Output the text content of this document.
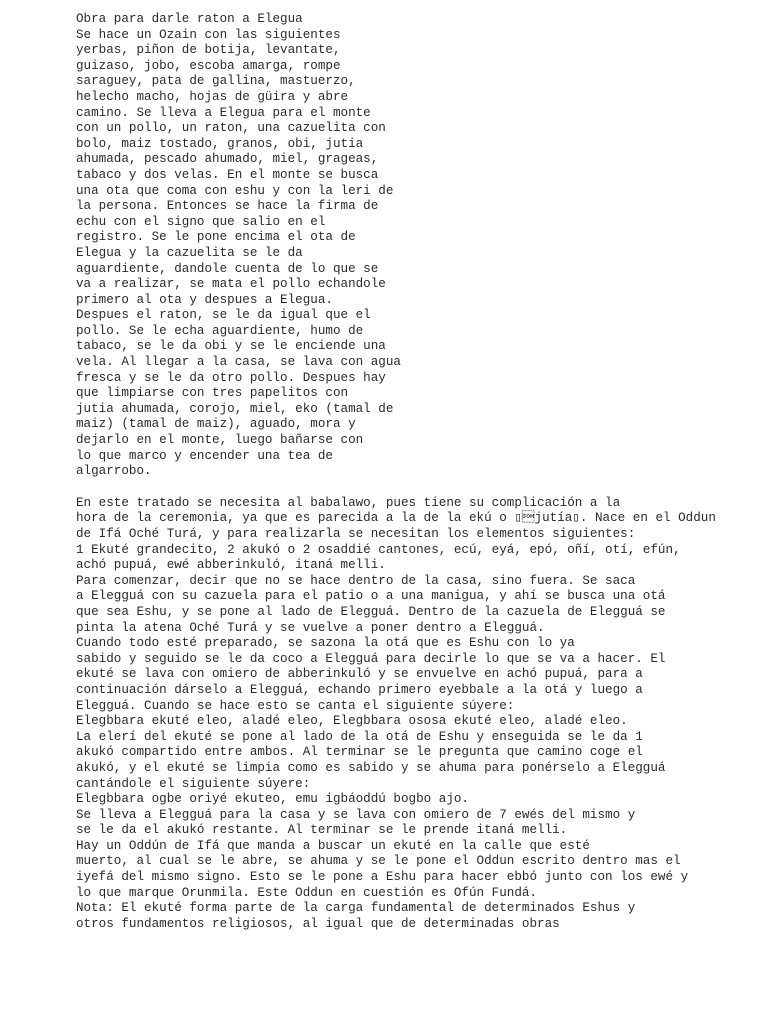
Obra para darle raton a Elegua
Se hace un Ozain con las siguientes
yerbas, piñon de botija, levantate,
guizaso, jobo, escoba amarga, rompe
saraguey, pata de gallina, mastuerzo,
helecho macho, hojas de güira y abre
camino. Se lleva a Elegua para el monte
con un pollo, un raton, una cazuelita con
bolo, maiz tostado, granos, obi, jutia
ahumada, pescado ahumado, miel, grageas,
tabaco y dos velas. En el monte se busca
una ota que coma con eshu y con la leri de
la persona. Entonces se hace la firma de
echu con el signo que salio en el
registro. Se le pone encima el ota de
Elegua y la cazuelita se le da
aguardiente, dandole cuenta de lo que se
va a realizar, se mata el pollo echandole
primero al ota y despues a Elegua.
Despues el raton, se le da igual que el
pollo. Se le echa aguardiente, humo de
tabaco, se le da obi y se le enciende una
vela. Al llegar a la casa, se lava con agua
fresca y se le da otro pollo. Despues hay
que limpiarse con tres papelitos con
jutia ahumada, corojo, miel, eko (tamal de
maiz) (tamal de maiz), aguado, mora y
dejarlo en el monte, luego bañarse con
lo que marco y encender una tea de
algarrobo.
En este tratado se necesita al babalawo, pues tiene su complicación a la
hora de la ceremonia, ya que es parecida a la de la ekú o ▯jutía▯. Nace en el Oddun
de Ifá Oché Turá, y para realizarla se necesitan los elementos siguientes:
1 Ekuté grandecito, 2 akukó o 2 osaddié cantones, ecú, eyá, epó, oñí, otí, efún,
achó pupuá, ewé abberinkuló, itaná melli.
Para comenzar, decir que no se hace dentro de la casa, sino fuera. Se saca
a Elegguá con su cazuela para el patio o a una manigua, y ahí se busca una otá
que sea Eshu, y se pone al lado de Elegguá. Dentro de la cazuela de Elegguá se
pinta la atena Oché Turá y se vuelve a poner dentro a Elegguá.
Cuando todo esté preparado, se sazona la otá que es Eshu con lo ya
sabido y seguido se le da coco a Elegguá para decirle lo que se va a hacer. El
ekuté se lava con omiero de abberinkuló y se envuelve en achó pupuá, para a
continuación dárselo a Elegguá, echando primero eyebbale a la otá y luego a
Elegguá. Cuando se hace esto se canta el siguiente súyere:
Elegbbara ekuté eleo, aladé eleo, Elegbbara ososa ekuté eleo, aladé eleo.
La elerí del ekuté se pone al lado de la otá de Eshu y enseguida se le da 1
akukó compartido entre ambos. Al terminar se le pregunta que camino coge el
akukó, y el ekuté se limpia como es sabido y se ahuma para ponérselo a Elegguá
cantándole el siguiente súyere:
Elegbbara ogbe oriyé ekuteo, emu igbáoddú bogbo ajo.
Se lleva a Elegguá para la casa y se lava con omiero de 7 ewés del mismo y
se le da el akukó restante. Al terminar se le prende itaná melli.
Hay un Oddún de Ifá que manda a buscar un ekuté en la calle que esté
muerto, al cual se le abre, se ahuma y se le pone el Oddun escrito dentro mas el
iyefá del mismo signo. Esto se le pone a Eshu para hacer ebbó junto con los ewé y
lo que marque Orunmila. Este Oddun en cuestión es Ofún Fundá.
Nota: El ekuté forma parte de la carga fundamental de determinados Eshus y
otros fundamentos religiosos, al igual que de determinadas obras
